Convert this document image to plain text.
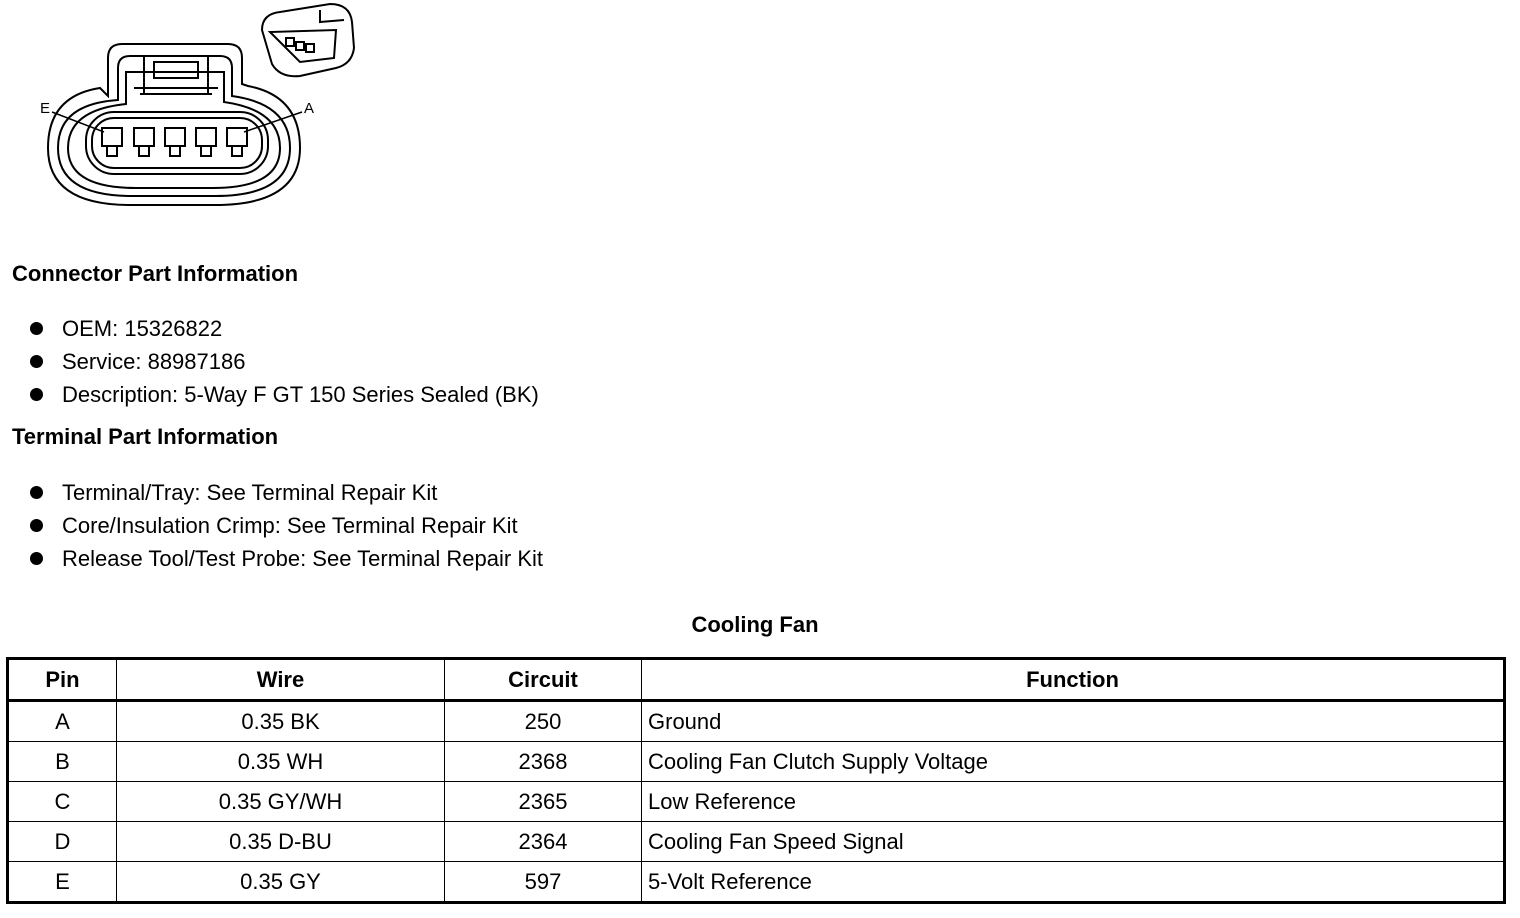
E	A
Connector Part Information
OEM: 15326822
Service: 88987186
Description: 5-Way F GT 150 Series Sealed (BK)
Terminal Part Information
Terminal/Tray: See Terminal Repair Kit
Core/Insulation Crimp: See Terminal Repair Kit
Release Tool/Test Probe: See Terminal Repair Kit
Cooling Fan
Pin	Wire	Circuit	Function
A	0.35 BK	250	Ground
B	0.35 WH	2368	Cooling Fan Clutch Supply Voltage
C	0.35 GY/WH	2365	Low Reference
D	0.35 D-BU	2364	Cooling Fan Speed Signal
E	0.35 GY	597	5-Volt Reference
